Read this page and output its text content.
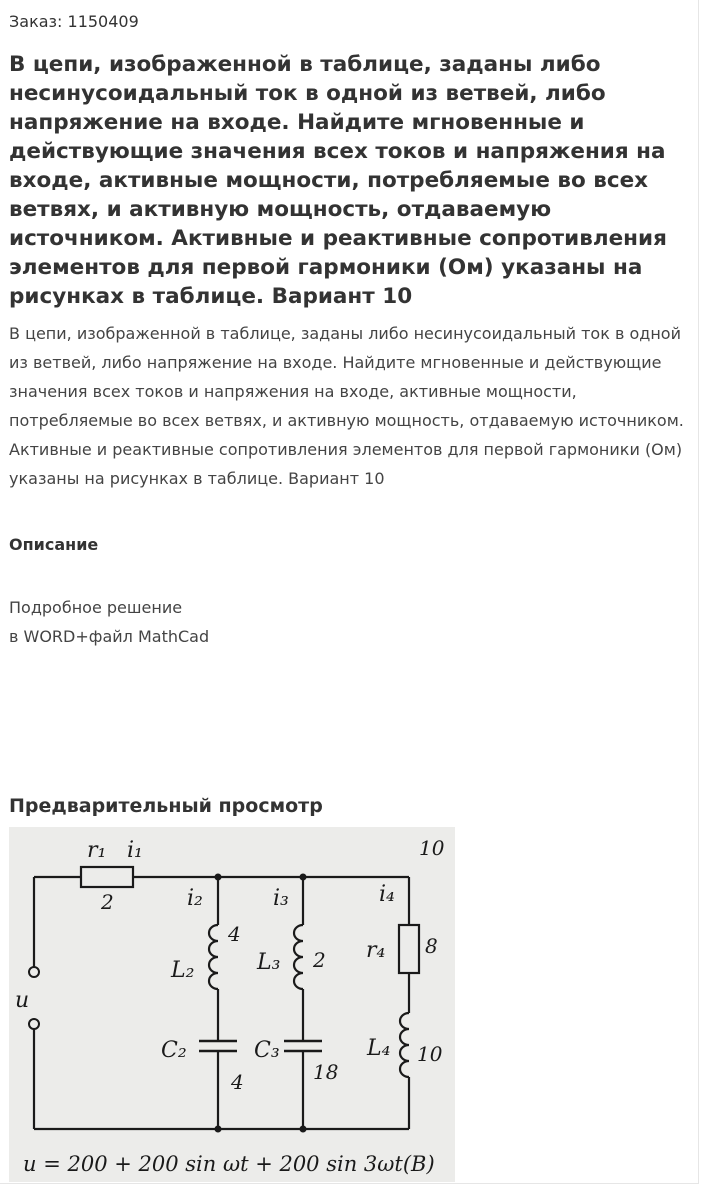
Заказ: 1150409
В цепи, изображенной в таблице, заданы либо несинусоидальный ток в одной из ветвей, либо напряжение на входе. Найдите мгновенные и действующие значения всех токов и напряжения на входе, активные мощности, потребляемые во всех ветвях, и активную мощность, отдаваемую источником. Активные и реактивные сопротивления элементов для первой гармоники (Ом) указаны на рисунках в таблице. Вариант 10

В цепи, изображенной в таблице, заданы либо несинусоидальный ток в одной из ветвей, либо напряжение на входе. Найдите мгновенные и действующие значения всех токов и напряжения на входе, активные мощности, потребляемые во всех ветвях, и активную мощность, отдаваемую источником. Активные и реактивные сопротивления элементов для первой гармоники (Ом) указаны на рисунках в таблице. Вариант 10

Описание
Подробное решение
в WORD+файл MathCad
Предварительный просмотр
10
r₁ i₁
2	i₂
4
L₂
C₂
4
i₃
L₃ 2
C₃
18
i₄
r₄ 8
L₄ 10
u
u = 200 + 200 sin ωt + 200 sin 3ωt(В)
